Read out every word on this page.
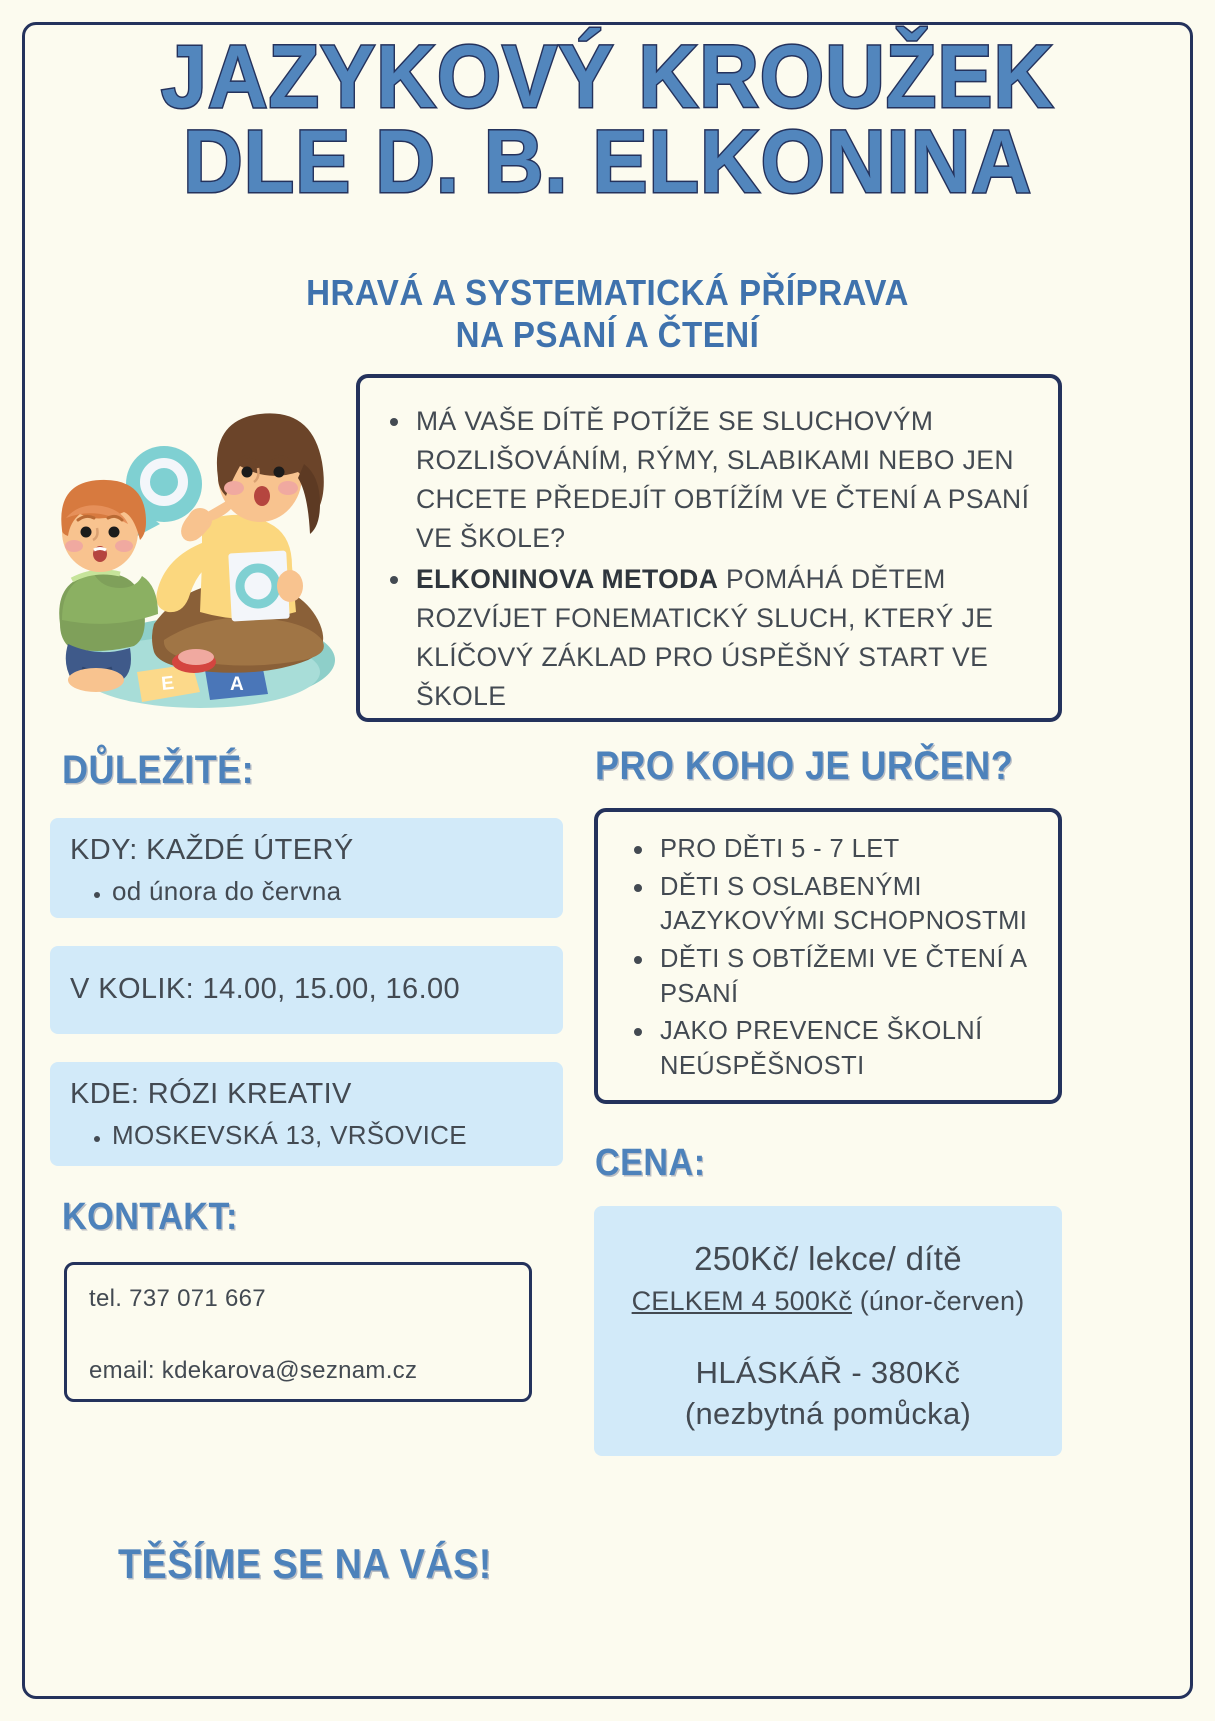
JAZYKOVÝ KROUŽEK
DLE D. B. ELKONINA
HRAVÁ A SYSTEMATICKÁ PŘÍPRAVA
NA PSANÍ A ČTENÍ
E	A
MÁ VAŠE DÍTĚ POTÍŽE SE SLUCHOVÝM ROZLIŠOVÁNÍM, RÝMY, SLABIKAMI NEBO JEN CHCETE PŘEDEJÍT OBTÍŽÍM VE ČTENÍ A PSANÍ VE ŠKOLE?
ELKONINOVA METODA POMÁHÁ DĚTEM ROZVÍJET FONEMATICKÝ SLUCH, KTERÝ JE KLÍČOVÝ ZÁKLAD PRO ÚSPĚŠNÝ START VE ŠKOLE
DŮLEŽITÉ:
KDY: KAŽDÉ ÚTERÝ
• od února do června
V KOLIK: 14.00, 15.00, 16.00
KDE: RÓZI KREATIV
• MOSKEVSKÁ 13, VRŠOVICE
KONTAKT:
tel. 737 071 667
email: kdekarova@seznam.cz
TĚŠÍME SE NA VÁS!
PRO KOHO JE URČEN?
PRO DĚTI 5 - 7 LET
DĚTI S OSLABENÝMI JAZYKOVÝMI SCHOPNOSTMI
DĚTI S OBTÍŽEMI VE ČTENÍ A PSANÍ
JAKO PREVENCE ŠKOLNÍ NEÚSPĚŠNOSTI
CENA:
250Kč/ lekce/ dítě
CELKEM 4 500Kč (únor-červen)
HLÁSKÁŘ - 380Kč
(nezbytná pomůcka)
